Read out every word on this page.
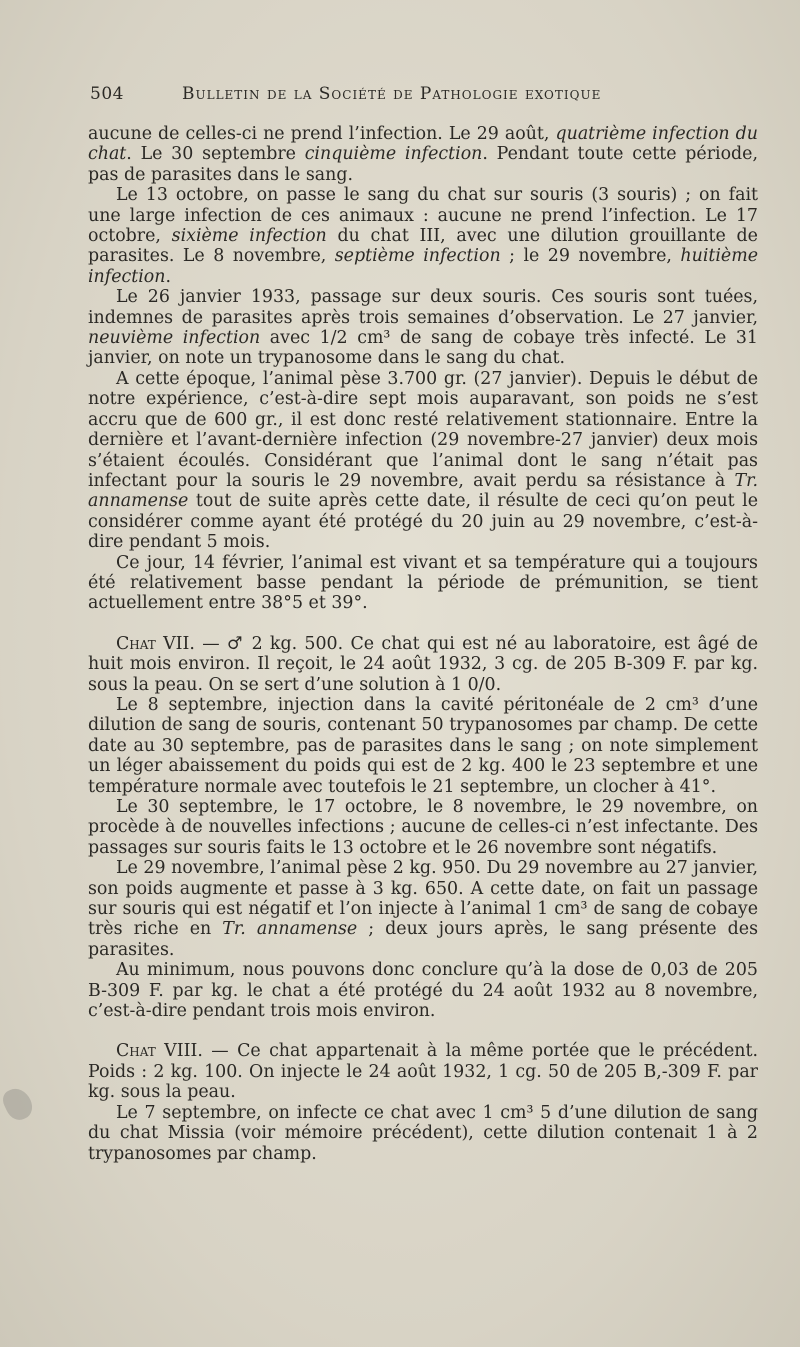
504	Bulletin de la Société de Pathologie exotique

aucune de celles-ci ne prend l’infection. Le 29 août, quatrième infection du chat. Le 30 septembre cinquième infection. Pendant toute cette période, pas de parasites dans le sang.

Le 13 octobre, on passe le sang du chat sur souris (3 souris) ; on fait une large infection de ces animaux : aucune ne prend l’infection. Le 17 octobre, sixième infection du chat III, avec une dilution grouillante de parasites. Le 8 novembre, septième infection ; le 29 novembre, huitième infection.

Le 26 janvier 1933, passage sur deux souris. Ces souris sont tuées, indemnes de parasites après trois semaines d’observation. Le 27 janvier, neuvième infection avec 1/2 cm³ de sang de cobaye très infecté. Le 31 janvier, on note un trypanosome dans le sang du chat.

A cette époque, l’animal pèse 3.700 gr. (27 janvier). Depuis le début de notre expérience, c’est-à-dire sept mois auparavant, son poids ne s’est accru que de 600 gr., il est donc resté relativement stationnaire. Entre la dernière et l’avant-dernière infection (29 novembre-27 janvier) deux mois s’étaient écoulés. Considérant que l’animal dont le sang n’était pas infectant pour la souris le 29 novembre, avait perdu sa résistance à Tr. annamense tout de suite après cette date, il résulte de ceci qu’on peut le considérer comme ayant été protégé du 20 juin au 29 novembre, c’est-à-dire pendant 5 mois.

Ce jour, 14 février, l’animal est vivant et sa température qui a toujours été relativement basse pendant la période de prémunition, se tient actuellement entre 38°5 et 39°.

Chat VII. — ♂ 2 kg. 500. Ce chat qui est né au laboratoire, est âgé de huit mois environ. Il reçoit, le 24 août 1932, 3 cg. de 205 B-309 F. par kg. sous la peau. On se sert d’une solution à 1 0/0.

Le 8 septembre, injection dans la cavité péritonéale de 2 cm³ d’une dilution de sang de souris, contenant 50 trypanosomes par champ. De cette date au 30 septembre, pas de parasites dans le sang ; on note simplement un léger abaissement du poids qui est de 2 kg. 400 le 23 septembre et une température normale avec toutefois le 21 septembre, un clocher à 41°.

Le 30 septembre, le 17 octobre, le 8 novembre, le 29 novembre, on procède à de nouvelles infections ; aucune de celles-ci n’est infectante. Des passages sur souris faits le 13 octobre et le 26 novembre sont négatifs.

Le 29 novembre, l’animal pèse 2 kg. 950. Du 29 novembre au 27 janvier, son poids augmente et passe à 3 kg. 650. A cette date, on fait un passage sur souris qui est négatif et l’on injecte à l’animal 1 cm³ de sang de cobaye très riche en Tr. annamense ; deux jours après, le sang présente des parasites.

Au minimum, nous pouvons donc conclure qu’à la dose de 0,03 de 205 B-309 F. par kg. le chat a été protégé du 24 août 1932 au 8 novembre, c’est-à-dire pendant trois mois environ.

Chat VIII. — Ce chat appartenait à la même portée que le précédent. Poids : 2 kg. 100. On injecte le 24 août 1932, 1 cg. 50 de 205 B,-309 F. par kg. sous la peau.

Le 7 septembre, on infecte ce chat avec 1 cm³ 5 d’une dilution de sang du chat Missia (voir mémoire précédent), cette dilution contenait 1 à 2 trypanosomes par champ.
